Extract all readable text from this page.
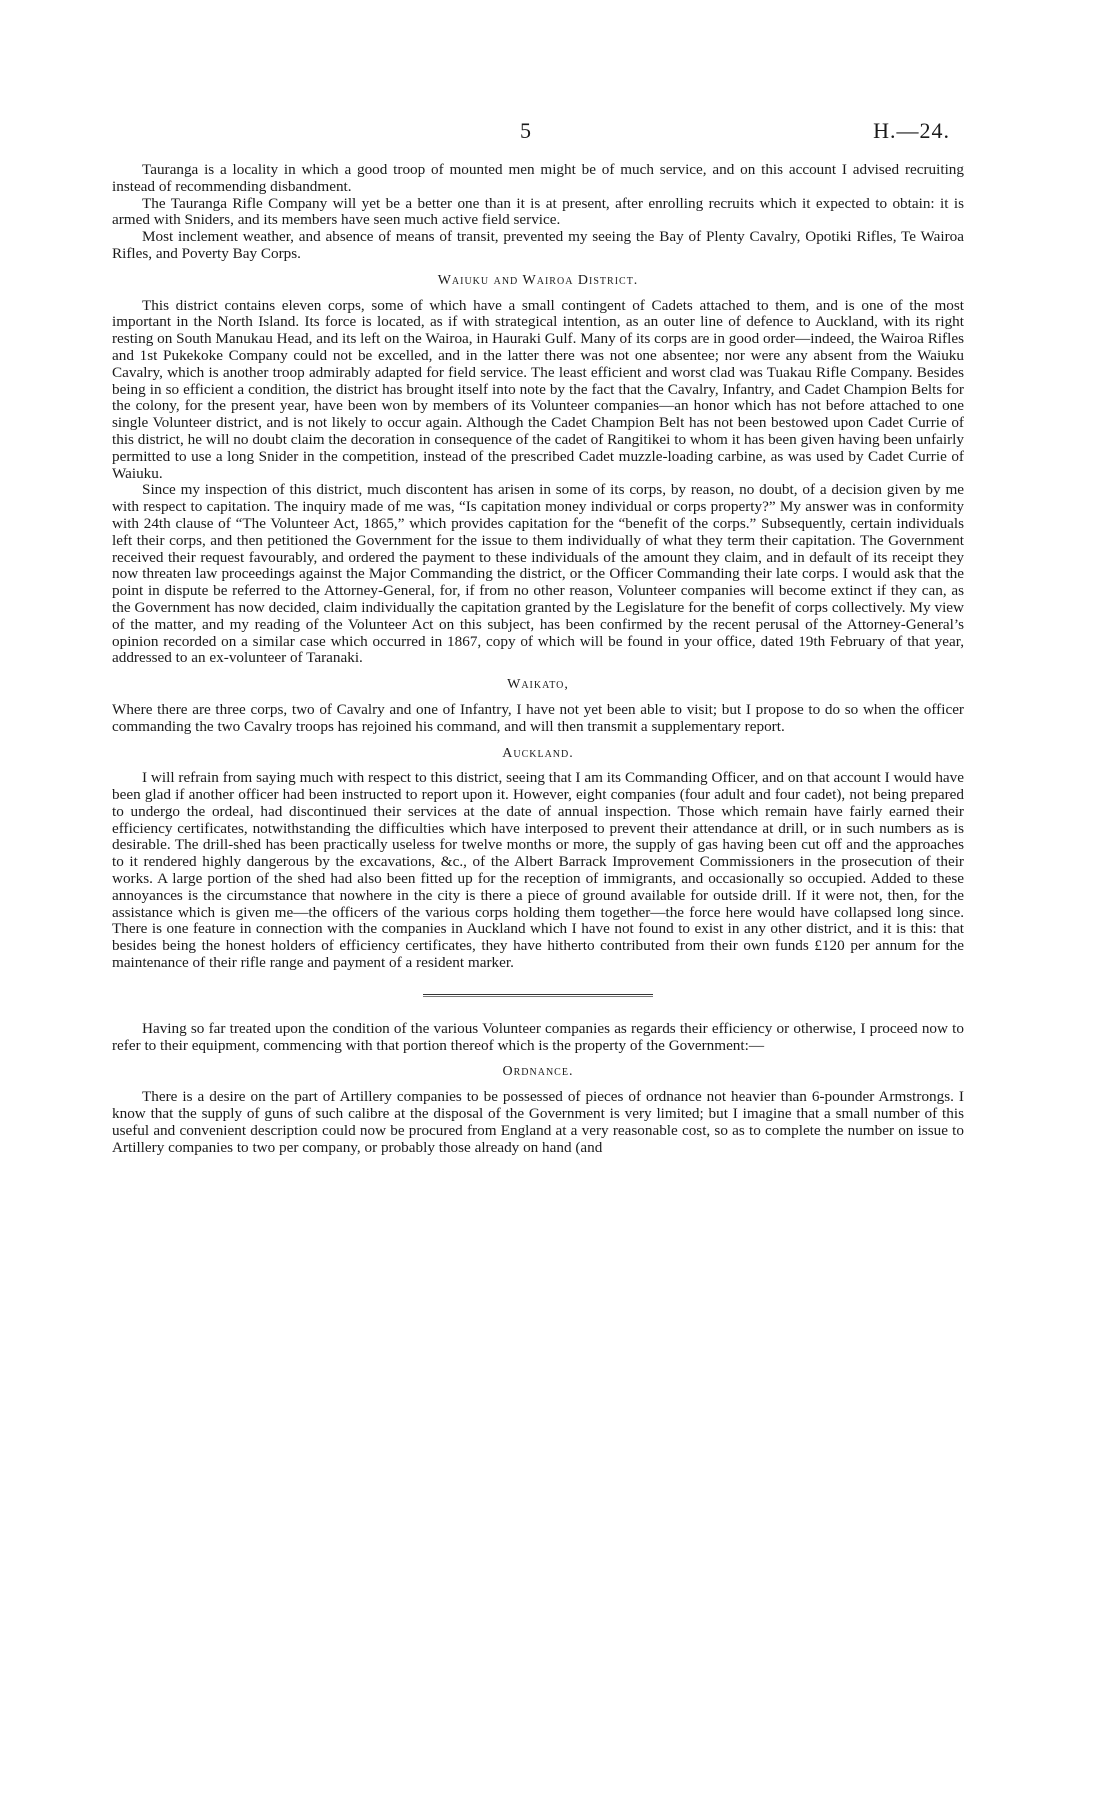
5	H.—24.

Tauranga is a locality in which a good troop of mounted men might be of much service, and on this account I advised recruiting instead of recommending disbandment.

The Tauranga Rifle Company will yet be a better one than it is at present, after enrolling recruits which it expected to obtain: it is armed with Sniders, and its members have seen much active field service.

Most inclement weather, and absence of means of transit, prevented my seeing the Bay of Plenty Cavalry, Opotiki Rifles, Te Wairoa Rifles, and Poverty Bay Corps.

Waiuku and Wairoa District.

This district contains eleven corps, some of which have a small contingent of Cadets attached to them, and is one of the most important in the North Island. Its force is located, as if with strategical intention, as an outer line of defence to Auckland, with its right resting on South Manukau Head, and its left on the Wairoa, in Hauraki Gulf. Many of its corps are in good order—indeed, the Wairoa Rifles and 1st Pukekoke Company could not be excelled, and in the latter there was not one absentee; nor were any absent from the Waiuku Cavalry, which is another troop admirably adapted for field service. The least efficient and worst clad was Tuakau Rifle Company. Besides being in so efficient a condition, the district has brought itself into note by the fact that the Cavalry, Infantry, and Cadet Champion Belts for the colony, for the present year, have been won by members of its Volunteer companies—an honor which has not before attached to one single Volunteer district, and is not likely to occur again. Although the Cadet Champion Belt has not been bestowed upon Cadet Currie of this district, he will no doubt claim the decoration in consequence of the cadet of Rangitikei to whom it has been given having been unfairly permitted to use a long Snider in the competition, instead of the prescribed Cadet muzzle-loading carbine, as was used by Cadet Currie of Waiuku.

Since my inspection of this district, much discontent has arisen in some of its corps, by reason, no doubt, of a decision given by me with respect to capitation. The inquiry made of me was, “Is capitation money individual or corps property?” My answer was in conformity with 24th clause of “The Volunteer Act, 1865,” which provides capitation for the “benefit of the corps.” Subsequently, certain individuals left their corps, and then petitioned the Government for the issue to them individually of what they term their capitation. The Government received their request favourably, and ordered the payment to these individuals of the amount they claim, and in default of its receipt they now threaten law proceedings against the Major Commanding the district, or the Officer Commanding their late corps. I would ask that the point in dispute be referred to the Attorney-General, for, if from no other reason, Volunteer companies will become extinct if they can, as the Government has now decided, claim individually the capitation granted by the Legislature for the benefit of corps collectively. My view of the matter, and my reading of the Volunteer Act on this subject, has been confirmed by the recent perusal of the Attorney-General’s opinion recorded on a similar case which occurred in 1867, copy of which will be found in your office, dated 19th February of that year, addressed to an ex-volunteer of Taranaki.

Waikato,

Where there are three corps, two of Cavalry and one of Infantry, I have not yet been able to visit; but I propose to do so when the officer commanding the two Cavalry troops has rejoined his command, and will then transmit a supplementary report.

Auckland.

I will refrain from saying much with respect to this district, seeing that I am its Commanding Officer, and on that account I would have been glad if another officer had been instructed to report upon it. However, eight companies (four adult and four cadet), not being prepared to undergo the ordeal, had discontinued their services at the date of annual inspection. Those which remain have fairly earned their efficiency certificates, notwithstanding the difficulties which have interposed to prevent their attendance at drill, or in such numbers as is desirable. The drill-shed has been practically useless for twelve months or more, the supply of gas having been cut off and the approaches to it rendered highly dangerous by the excavations, &c., of the Albert Barrack Improvement Commissioners in the prosecution of their works. A large portion of the shed had also been fitted up for the reception of immigrants, and occasionally so occupied. Added to these annoyances is the circumstance that nowhere in the city is there a piece of ground available for outside drill. If it were not, then, for the assistance which is given me—the officers of the various corps holding them together—the force here would have collapsed long since. There is one feature in connection with the companies in Auckland which I have not found to exist in any other district, and it is this: that besides being the honest holders of efficiency certificates, they have hitherto contributed from their own funds £120 per annum for the maintenance of their rifle range and payment of a resident marker.

Having so far treated upon the condition of the various Volunteer companies as regards their efficiency or otherwise, I proceed now to refer to their equipment, commencing with that portion thereof which is the property of the Government:—

Ordnance.

There is a desire on the part of Artillery companies to be possessed of pieces of ordnance not heavier than 6-pounder Armstrongs. I know that the supply of guns of such calibre at the disposal of the Government is very limited; but I imagine that a small number of this useful and convenient description could now be procured from England at a very reasonable cost, so as to complete the number on issue to Artillery companies to two per company, or probably those already on hand (and
